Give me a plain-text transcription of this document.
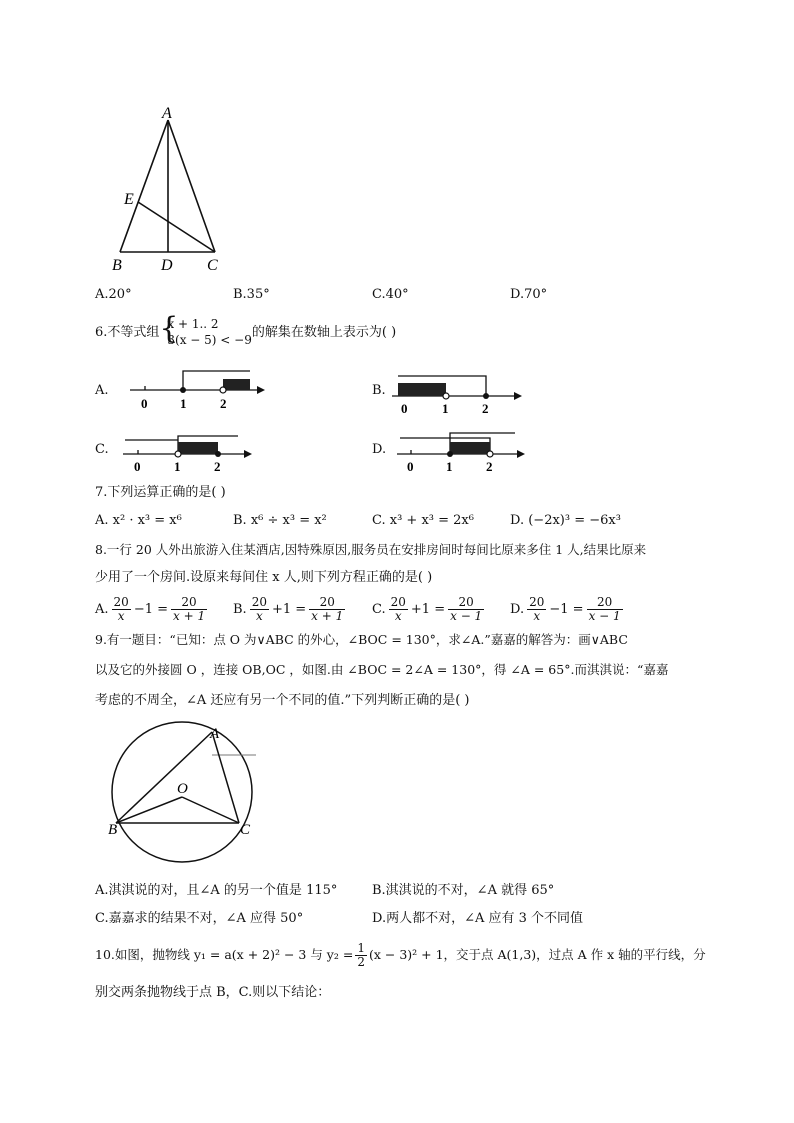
A
E
B D C
A.20°	B.35°	C.40°	D.70°
6.不等式组 {
x + 1.. 2
3(x − 5) < −9
的解集在数轴上表示为( )
A.
0	1	2
B.
0	1	2
C.
0	1	2
D.
0	1	2
7.下列运算正确的是( )
A. x² · x³ = x⁶	B. x⁶ ÷ x³ = x²	C. x³ + x³ = 2x⁶	D. (−2x)³ = −6x³
8.一行 20 人外出旅游入住某酒店,因特殊原因,服务员在安排房间时每间比原来多住 1 人,结果比原来
少用了一个房间.设原来每间住 x 人,则下列方程正确的是( )
A. $\frac{20}{x} -1 = \frac{20}{x + 1} B$. $\frac{20}{x} +1 = \frac{20}{x + 1} C$. $\frac{20}{x} +1 = \frac{20}{x - 1} D$. $\frac{20}{x} -1 = \frac{20}{x - 1}$
9.有一题目：“已知：点 O 为∨ABC 的外心，∠BOC = 130°，求∠A.”嘉嘉的解答为：画∨ABC
以及它的外接圆 O ，连接 OB,OC ，如图.由 ∠BOC = 2∠A = 130°，得 ∠A = 65°.而淇淇说：“嘉嘉
考虑的不周全，∠A 还应有另一个不同的值.”下列判断正确的是( )
A
O
B	C
A.淇淇说的对，且∠A 的另一个值是 115°	B.淇淇说的不对，∠A 就得 65°
C.嘉嘉求的结果不对，∠A 应得 50°	D.两人都不对，∠A 应有 3 个不同值
10.如图，抛物线 y₁ = a(x + 2)² − 3 与 $y_2 = \frac{1}{2} (x - 3)^2 + 1$，交于点 A(1,3)，过点 A 作 x 轴的平行线，分
别交两条抛物线于点 B，C.则以下结论：
